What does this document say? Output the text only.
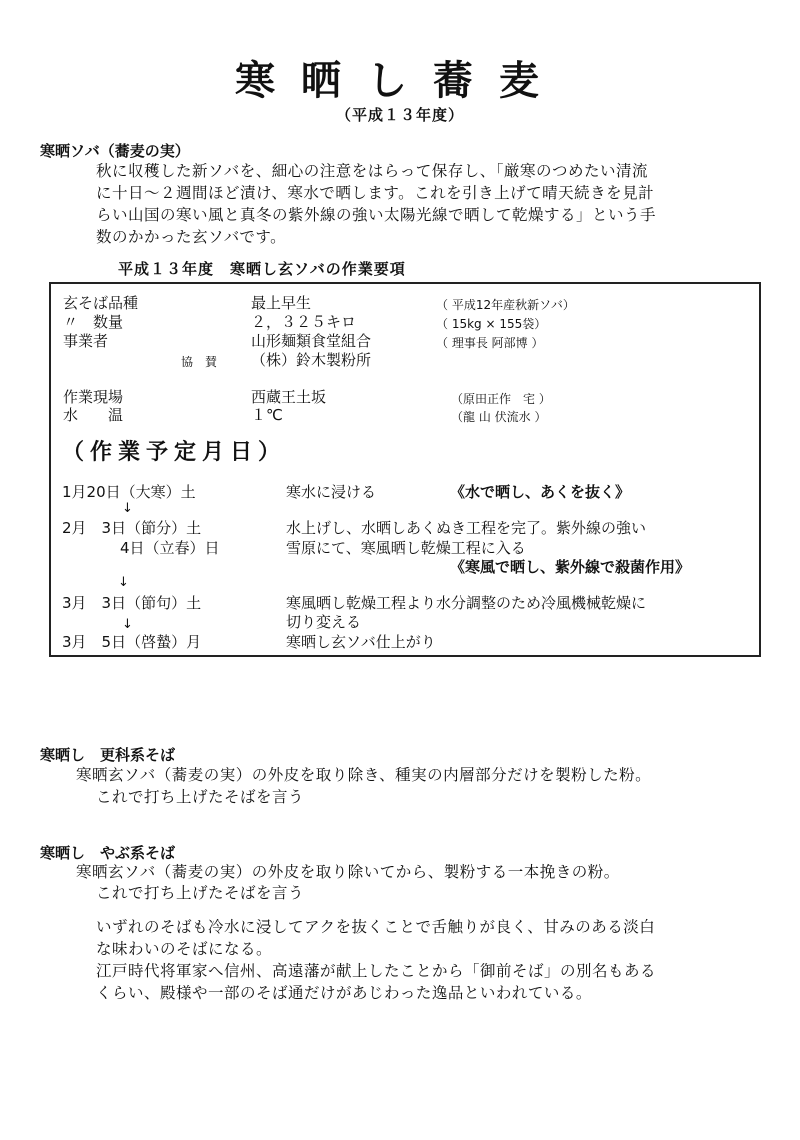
寒晒し蕎麦
（平成１３年度）
寒晒ソバ（蕎麦の実）
秋に収穫した新ソバを、細心の注意をはらって保存し、「厳寒のつめたい清流
に十日～２週間ほど漬け、寒水で晒します。これを引き上げて晴天続きを見計
らい山国の寒い風と真冬の紫外線の強い太陽光線で晒して乾燥する」という手
数のかかった玄ソバです。
平成１３年度　寒晒し玄ソバの作業要項
玄そば品種	最上早生	（ 平成12年産秋新ソバ）
〃　数量	２，３２５キロ	（ 15kg × 155袋）
事業者	山形麺類食堂組合	（ 理事長 阿部博 ）
協　賛 （株）鈴木製粉所
作業現場	西蔵王土坂	（原田正作　宅 ）
水　　温	１℃	（龍 山 伏流水 ）
（作業予定月日）
1月20日（大寒）土	寒水に浸ける	《水で晒し、あくを抜く》
↓
2月　3日（節分）土	水上げし、水晒しあくぬき工程を完了。紫外線の強い
4日（立春）日	雪原にて、寒風晒し乾燥工程に入る
《寒風で晒し、紫外線で殺菌作用》
↓
3月　3日（節句）土	寒風晒し乾燥工程より水分調整のため冷風機械乾燥に
切り変える
↓
3月　5日（啓蟄）月	寒晒し玄ソバ仕上がり
寒晒し　更科系そば
寒晒玄ソバ（蕎麦の実）の外皮を取り除き、種実の内層部分だけを製粉した粉。
これで打ち上げたそばを言う
寒晒し　やぶ系そば
寒晒玄ソバ（蕎麦の実）の外皮を取り除いてから、製粉する一本挽きの粉。
これで打ち上げたそばを言う
いずれのそばも冷水に浸してアクを抜くことで舌触りが良く、甘みのある淡白
な味わいのそばになる。
江戸時代将軍家へ信州、高遠藩が献上したことから「御前そば」の別名もある
くらい、殿様や一部のそば通だけがあじわった逸品といわれている。
